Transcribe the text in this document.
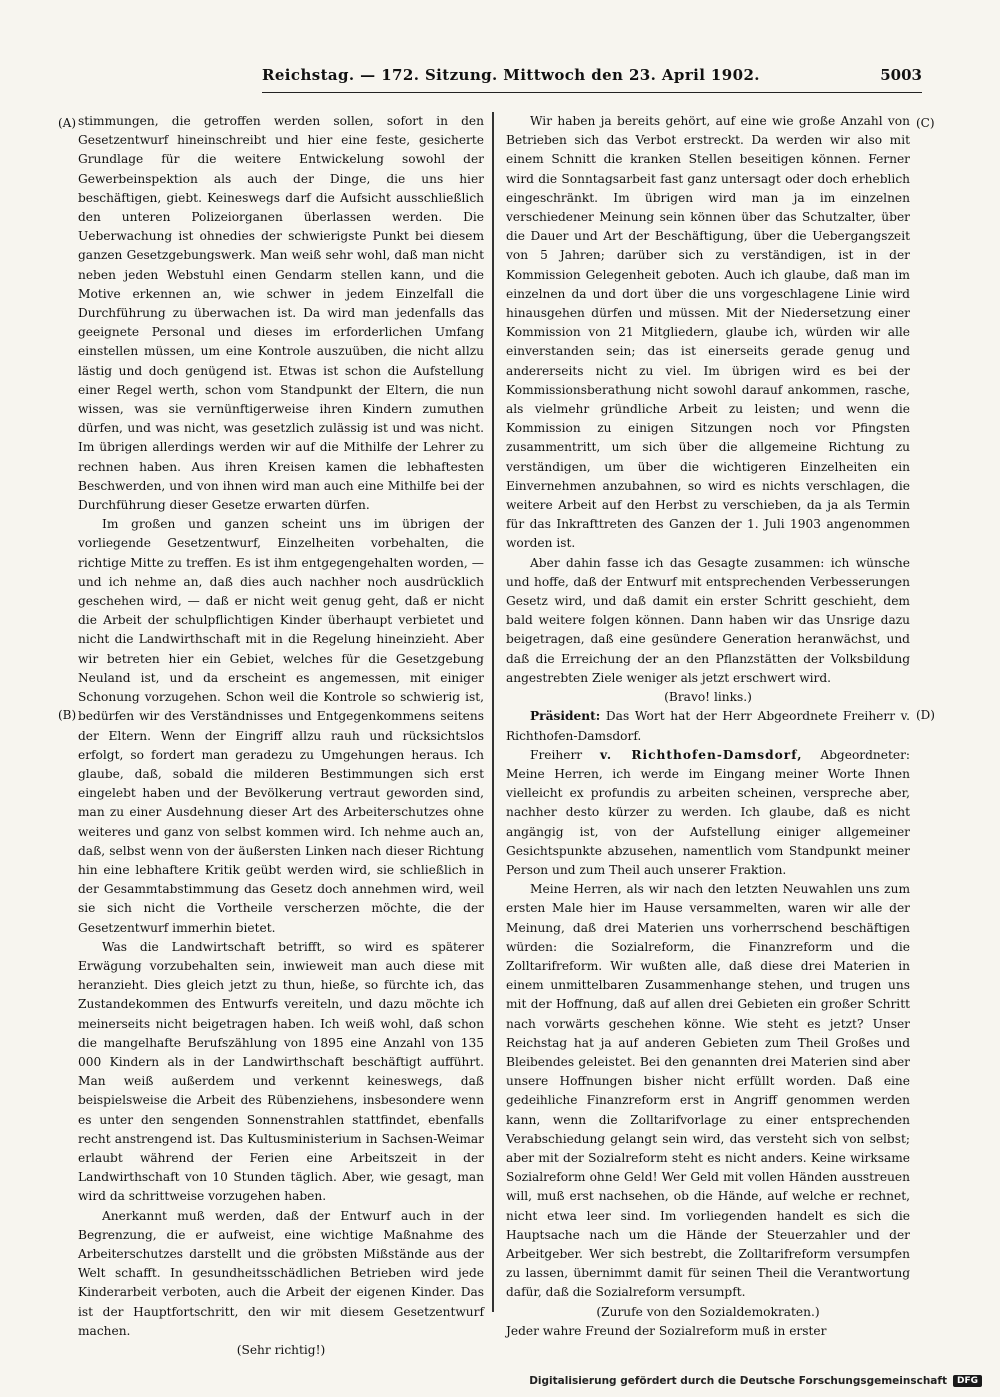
Reichstag. — 172. Sitzung. Mittwoch den 23. April 1902.	5003
(A)
(B)
(C)
(D)

stimmungen, die getroffen werden sollen, sofort in den Gesetzentwurf hineinschreibt und hier eine feste, gesicherte Grundlage für die weitere Entwickelung sowohl der Gewerbeinspektion als auch der Dinge, die uns hier beschäftigen, giebt. Keineswegs darf die Aufsicht ausschließlich den unteren Polizeiorganen überlassen werden. Die Ueberwachung ist ohnedies der schwierigste Punkt bei diesem ganzen Gesetzgebungswerk. Man weiß sehr wohl, daß man nicht neben jeden Webstuhl einen Gendarm stellen kann, und die Motive erkennen an, wie schwer in jedem Einzelfall die Durchführung zu überwachen ist. Da wird man jedenfalls das geeignete Personal und dieses im erforderlichen Umfang einstellen müssen, um eine Kontrole auszuüben, die nicht allzu lästig und doch genügend ist. Etwas ist schon die Aufstellung einer Regel werth, schon vom Standpunkt der Eltern, die nun wissen, was sie vernünftigerweise ihren Kindern zumuthen dürfen, und was nicht, was gesetzlich zulässig ist und was nicht. Im übrigen allerdings werden wir auf die Mithilfe der Lehrer zu rechnen haben. Aus ihren Kreisen kamen die lebhaftesten Beschwerden, und von ihnen wird man auch eine Mithilfe bei der Durchführung dieser Gesetze erwarten dürfen.

Im großen und ganzen scheint uns im übrigen der vorliegende Gesetzentwurf, Einzelheiten vorbehalten, die richtige Mitte zu treffen. Es ist ihm entgegengehalten worden, — und ich nehme an, daß dies auch nachher noch ausdrücklich geschehen wird, — daß er nicht weit genug geht, daß er nicht die Arbeit der schulpflichtigen Kinder überhaupt verbietet und nicht die Landwirthschaft mit in die Regelung hineinzieht. Aber wir betreten hier ein Gebiet, welches für die Gesetzgebung Neuland ist, und da erscheint es angemessen, mit einiger Schonung vorzugehen. Schon weil die Kontrole so schwierig ist, bedürfen wir des Verständnisses und Entgegenkommens seitens der Eltern. Wenn der Eingriff allzu rauh und rücksichtslos erfolgt, so fordert man geradezu zu Umgehungen heraus. Ich glaube, daß, sobald die milderen Bestimmungen sich erst eingelebt haben und der Bevölkerung vertraut geworden sind, man zu einer Ausdehnung dieser Art des Arbeiterschutzes ohne weiteres und ganz von selbst kommen wird. Ich nehme auch an, daß, selbst wenn von der äußersten Linken nach dieser Richtung hin eine lebhaftere Kritik geübt werden wird, sie schließlich in der Gesammtabstimmung das Gesetz doch annehmen wird, weil sie sich nicht die Vortheile verscherzen möchte, die der Gesetzentwurf immerhin bietet.

Was die Landwirtschaft betrifft, so wird es späterer Erwägung vorzubehalten sein, inwieweit man auch diese mit heranzieht. Dies gleich jetzt zu thun, hieße, so fürchte ich, das Zustandekommen des Entwurfs vereiteln, und dazu möchte ich meinerseits nicht beigetragen haben. Ich weiß wohl, daß schon die mangelhafte Berufszählung von 1895 eine Anzahl von 135 000 Kindern als in der Landwirthschaft beschäftigt aufführt. Man weiß außerdem und verkennt keineswegs, daß beispielsweise die Arbeit des Rübenziehens, insbesondere wenn es unter den sengenden Sonnenstrahlen stattfindet, ebenfalls recht anstrengend ist. Das Kultusministerium in Sachsen-Weimar erlaubt während der Ferien eine Arbeitszeit in der Landwirthschaft von 10 Stunden täglich. Aber, wie gesagt, man wird da schrittweise vorzugehen haben.

Anerkannt muß werden, daß der Entwurf auch in der Begrenzung, die er aufweist, eine wichtige Maßnahme des Arbeiterschutzes darstellt und die gröbsten Mißstände aus der Welt schafft. In gesundheitsschädlichen Betrieben wird jede Kinderarbeit verboten, auch die Arbeit der eigenen Kinder. Das ist der Hauptfortschritt, den wir mit diesem Gesetzentwurf machen.

(Sehr richtig!)

Wir haben ja bereits gehört, auf eine wie große Anzahl von Betrieben sich das Verbot erstreckt. Da werden wir also mit einem Schnitt die kranken Stellen beseitigen können. Ferner wird die Sonntagsarbeit fast ganz untersagt oder doch erheblich eingeschränkt. Im übrigen wird man ja im einzelnen verschiedener Meinung sein können über das Schutzalter, über die Dauer und Art der Beschäftigung, über die Uebergangszeit von 5 Jahren; darüber sich zu verständigen, ist in der Kommission Gelegenheit geboten. Auch ich glaube, daß man im einzelnen da und dort über die uns vorgeschlagene Linie wird hinausgehen dürfen und müssen. Mit der Niedersetzung einer Kommission von 21 Mitgliedern, glaube ich, würden wir alle einverstanden sein; das ist einerseits gerade genug und andererseits nicht zu viel. Im übrigen wird es bei der Kommissionsberathung nicht sowohl darauf ankommen, rasche, als vielmehr gründliche Arbeit zu leisten; und wenn die Kommission zu einigen Sitzungen noch vor Pfingsten zusammentritt, um sich über die allgemeine Richtung zu verständigen, um über die wichtigeren Einzelheiten ein Einvernehmen anzubahnen, so wird es nichts verschlagen, die weitere Arbeit auf den Herbst zu verschieben, da ja als Termin für das Inkrafttreten des Ganzen der 1. Juli 1903 angenommen worden ist.

Aber dahin fasse ich das Gesagte zusammen: ich wünsche und hoffe, daß der Entwurf mit entsprechenden Verbesserungen Gesetz wird, und daß damit ein erster Schritt geschieht, dem bald weitere folgen können. Dann haben wir das Unsrige dazu beigetragen, daß eine gesündere Generation heranwächst, und daß die Erreichung der an den Pflanzstätten der Volksbildung angestrebten Ziele weniger als jetzt erschwert wird.

(Bravo! links.)

Präsident: Das Wort hat der Herr Abgeordnete Freiherr v. Richthofen-Damsdorf.

Freiherr v. Richthofen-Damsdorf, Abgeordneter: Meine Herren, ich werde im Eingang meiner Worte Ihnen vielleicht ex profundis zu arbeiten scheinen, verspreche aber, nachher desto kürzer zu werden. Ich glaube, daß es nicht angängig ist, von der Aufstellung einiger allgemeiner Gesichtspunkte abzusehen, namentlich vom Standpunkt meiner Person und zum Theil auch unserer Fraktion.

Meine Herren, als wir nach den letzten Neuwahlen uns zum ersten Male hier im Hause versammelten, waren wir alle der Meinung, daß drei Materien uns vorherrschend beschäftigen würden: die Sozialreform, die Finanzreform und die Zolltarifreform. Wir wußten alle, daß diese drei Materien in einem unmittelbaren Zusammenhange stehen, und trugen uns mit der Hoffnung, daß auf allen drei Gebieten ein großer Schritt nach vorwärts geschehen könne. Wie steht es jetzt? Unser Reichstag hat ja auf anderen Gebieten zum Theil Großes und Bleibendes geleistet. Bei den genannten drei Materien sind aber unsere Hoffnungen bisher nicht erfüllt worden. Daß eine gedeihliche Finanzreform erst in Angriff genommen werden kann, wenn die Zolltarifvorlage zu einer entsprechenden Verabschiedung gelangt sein wird, das versteht sich von selbst; aber mit der Sozialreform steht es nicht anders. Keine wirksame Sozialreform ohne Geld! Wer Geld mit vollen Händen ausstreuen will, muß erst nachsehen, ob die Hände, auf welche er rechnet, nicht etwa leer sind. Im vorliegenden handelt es sich die Hauptsache nach um die Hände der Steuerzahler und der Arbeitgeber. Wer sich bestrebt, die Zolltarifreform versumpfen zu lassen, übernimmt damit für seinen Theil die Verantwortung dafür, daß die Sozialreform versumpft.

(Zurufe von den Sozialdemokraten.)

Jeder wahre Freund der Sozialreform muß in erster

Digitalisierung gefördert durch die Deutsche Forschungsgemeinschaft	DFG
